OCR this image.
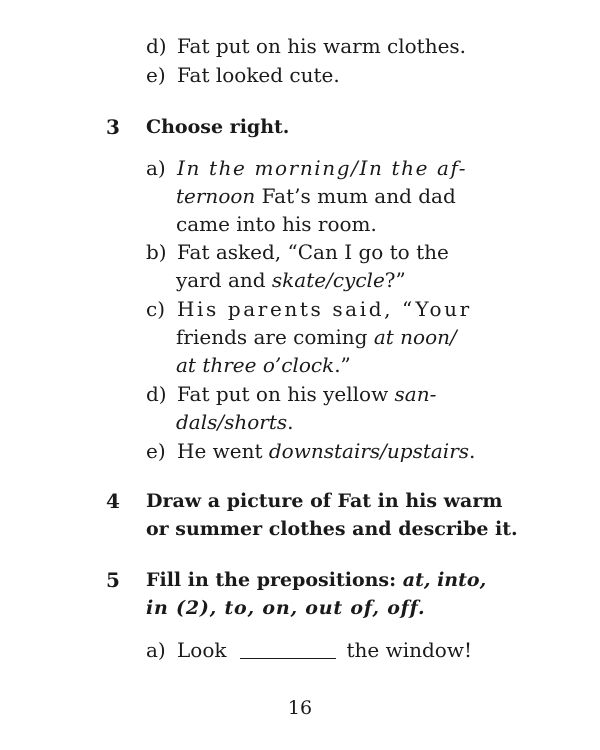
d) Fat put on his warm clothes.
e) Fat looked cute.
3	Choose right.
a) In the morning/In the af-
ternoon Fat’s mum and dad
came into his room.
b) Fat asked, “Can I go to the
yard and skate/cycle?”
c) His parents said, “Your
friends are coming at noon/
at three o’clock.”
d) Fat put on his yellow san-
dals/shorts.
e) He went downstairs/upstairs.
4	Draw a picture of Fat in his warm
or summer clothes and describe it.
5	Fill in the prepositions: at, into,
in (2), to, on, out of, off.
a) Look	the window!
16
